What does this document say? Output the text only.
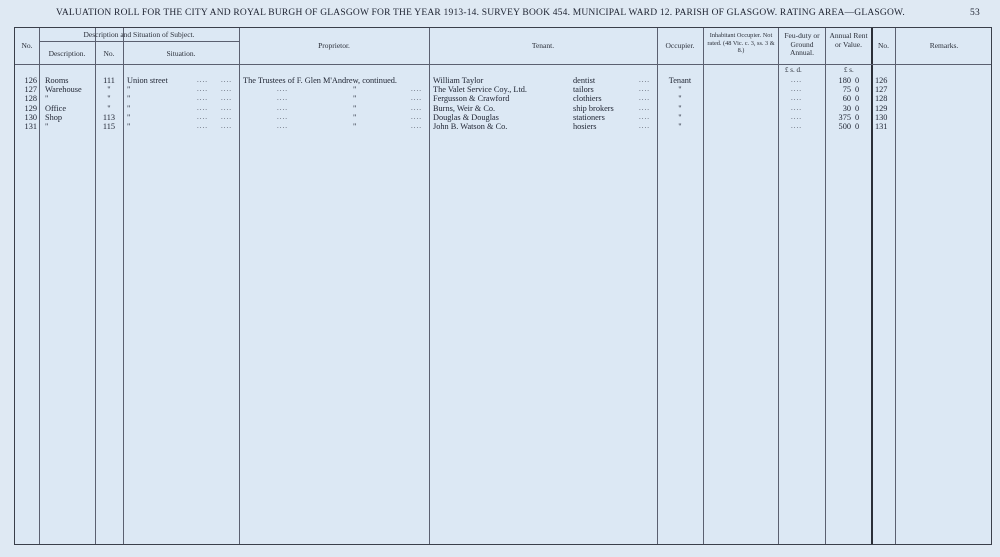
VALUATION ROLL FOR THE CITY AND ROYAL BURGH OF GLASGOW FOR THE YEAR 1913-14. SURVEY BOOK 454. MUNICIPAL WARD 12. PARISH OF GLASGOW. RATING AREA—GLASGOW.	53
No.
Description and Situation of Subject.
Description.	No.	Situation.
Proprietor.	Tenant.	Occupier.
Inhabitant Occupier. Not rated. (48 Vic. c. 3, ss. 3 & 8.)
Feu-duty or Ground Annual.
Annual Rent or Value.	No.	Remarks.
£ s. d.	£ s.
126 Rooms	111	Union street	....	....	The Trustees of F. Glen M'Andrew, continued.	William Taylor	dentist	....	Tenant	....	180 0	126
127 Warehouse	"	"	....	....	"	The Valet Service Coy., Ltd.	tailors	....	"	....	75 0	127
....
....
128 "	"	"	....	....	"	Fergusson & Crawford	clothiers	....	"	....	60 0	128
....
....
129 Office	"	"	....	....	"	Burns, Weir & Co.	ship brokers	....	"	....	30 0	129
....
....
130 Shop	113	"	....	....	"	Douglas & Douglas	stationers	....	"	....	375 0	130
....
....
131 "	115	"	....	....	"	John B. Watson & Co.	hosiers	....	"	....	500 0	131
....
....
